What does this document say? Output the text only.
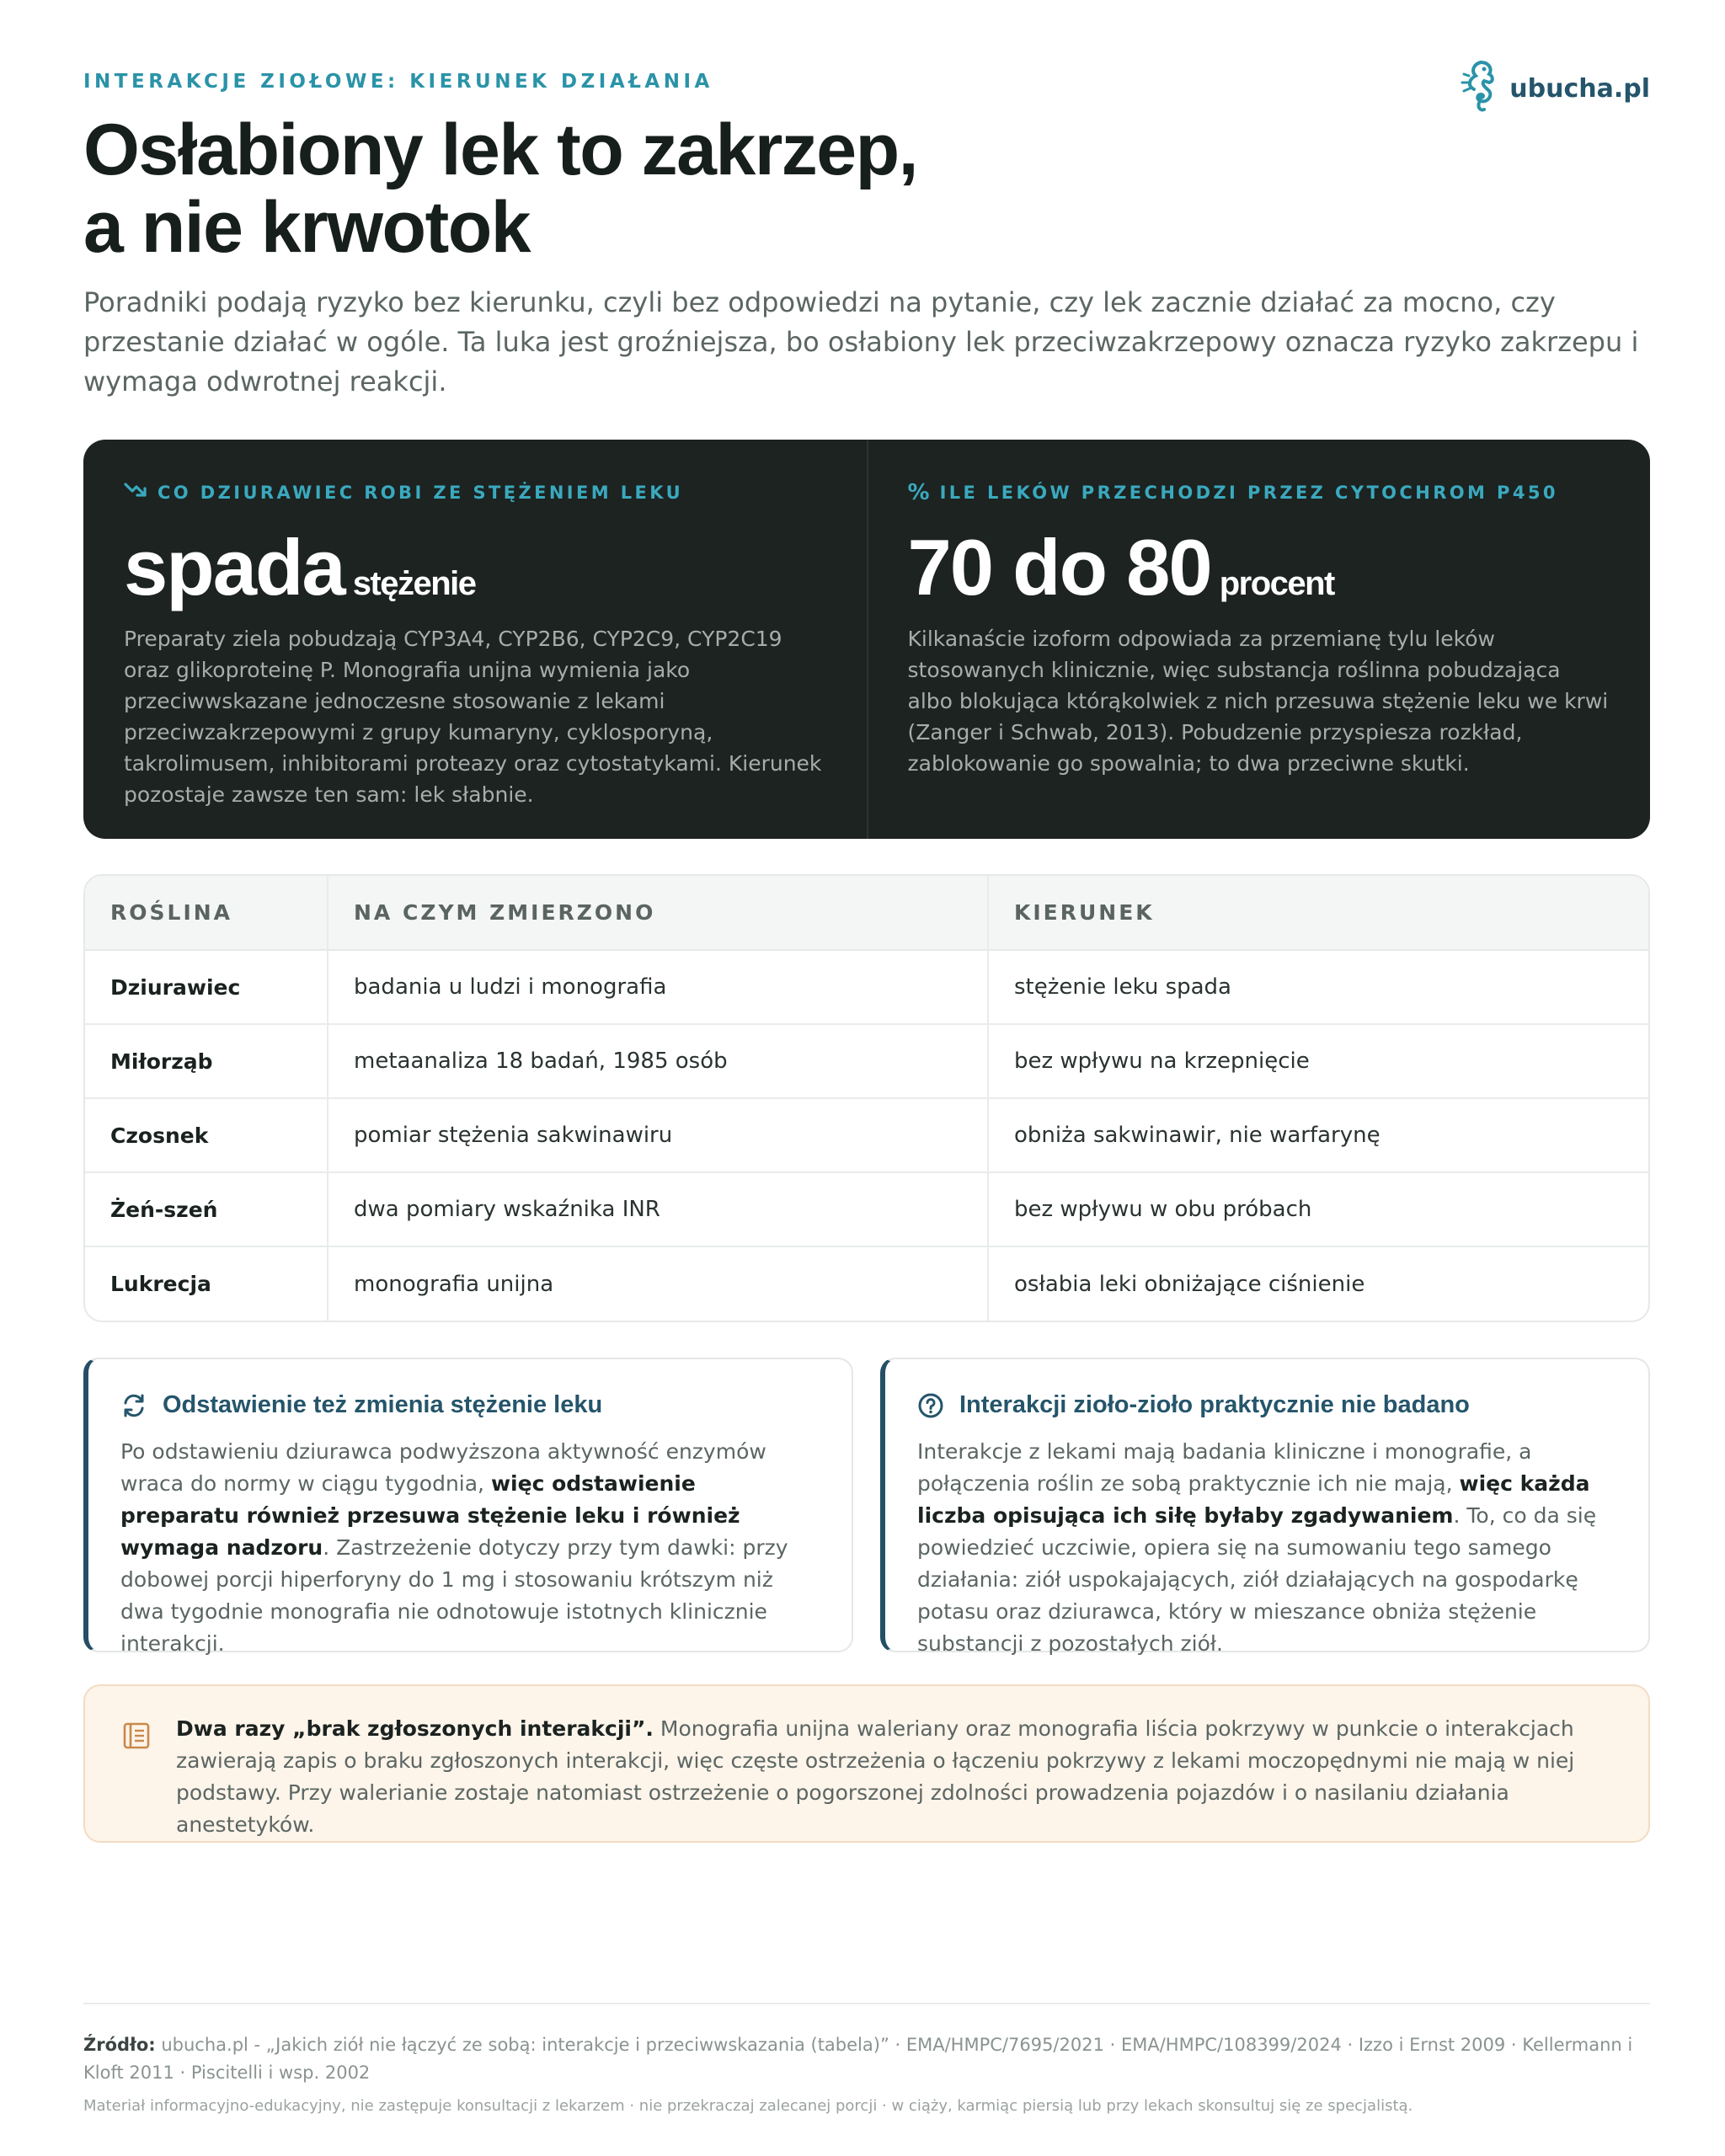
INTERAKCJE ZIOŁOWE: KIERUNEK DZIAŁANIA	ubucha.pl
Osłabiony lek to zakrzep,
a nie krwotok

Poradniki podają ryzyko bez kierunku, czyli bez odpowiedzi na pytanie, czy lek zacznie działać za mocno, czy przestanie działać w ogóle. Ta luka jest groźniejsza, bo osłabiony lek przeciwzakrzepowy oznacza ryzyko zakrzepu i wymaga odwrotnej reakcji.

CO DZIURAWIEC ROBI ZE STĘŻENIEM LEKU
spada stężenie

Preparaty ziela pobudzają CYP3A4, CYP2B6, CYP2C9, CYP2C19 oraz glikoproteinę P. Monografia unijna wymienia jako przeciwwskazane jednoczesne stosowanie z lekami przeciwzakrzepowymi z grupy kumaryny, cyklosporyną, takrolimusem, inhibitorami proteazy oraz cytostatykami. Kierunek pozostaje zawsze ten sam: lek słabnie.

% ILE LEKÓW PRZECHODZI PRZEZ CYTOCHROM P450
70 do 80 procent

Kilkanaście izoform odpowiada za przemianę tylu leków stosowanych klinicznie, więc substancja roślinna pobudzająca albo blokująca którąkolwiek z nich przesuwa stężenie leku we krwi (Zanger i Schwab, 2013). Pobudzenie przyspiesza rozkład, zablokowanie go spowalnia; to dwa przeciwne skutki.

ROŚLINA	NA CZYM ZMIERZONO	KIERUNEK
Dziurawiec	badania u ludzi i monografia	stężenie leku spada
Miłorząb	metaanaliza 18 badań, 1985 osób	bez wpływu na krzepnięcie
Czosnek	pomiar stężenia sakwinawiru	obniża sakwinawir, nie warfarynę
Żeń-szeń	dwa pomiary wskaźnika INR	bez wpływu w obu próbach
Lukrecja	monografia unijna	osłabia leki obniżające ciśnienie
Odstawienie też zmienia stężenie leku

Po odstawieniu dziurawca podwyższona aktywność enzymów wraca do normy w ciągu tygodnia, więc odstawienie preparatu również przesuwa stężenie leku i również wymaga nadzoru. Zastrzeżenie dotyczy przy tym dawki: przy dobowej porcji hiperforyny do 1 mg i stosowaniu krótszym niż dwa tygodnie monografia nie odnotowuje istotnych klinicznie interakcji.

Interakcji zioło-zioło praktycznie nie badano

Interakcje z lekami mają badania kliniczne i monografie, a połączenia roślin ze sobą praktycznie ich nie mają, więc każda liczba opisująca ich siłę byłaby zgadywaniem. To, co da się powiedzieć uczciwie, opiera się na sumowaniu tego samego działania: ziół uspokajających, ziół działających na gospodarkę potasu oraz dziurawca, który w mieszance obniża stężenie substancji z pozostałych ziół.

Dwa razy „brak zgłoszonych interakcji”. Monografia unijna waleriany oraz monografia liścia pokrzywy w punkcie o interakcjach zawierają zapis o braku zgłoszonych interakcji, więc częste ostrzeżenia o łączeniu pokrzywy z lekami moczopędnymi nie mają w niej podstawy. Przy walerianie zostaje natomiast ostrzeżenie o pogorszonej zdolności prowadzenia pojazdów i o nasilaniu działania anestetyków.

Źródło: ubucha.pl - „Jakich ziół nie łączyć ze sobą: interakcje i przeciwwskazania (tabela)” · EMA/HMPC/7695/2021 · EMA/HMPC/108399/2024 · Izzo i Ernst 2009 · Kellermann i Kloft 2011 · Piscitelli i wsp. 2002

Materiał informacyjno-edukacyjny, nie zastępuje konsultacji z lekarzem · nie przekraczaj zalecanej porcji · w ciąży, karmiąc piersią lub przy lekach skonsultuj się ze specjalistą.
